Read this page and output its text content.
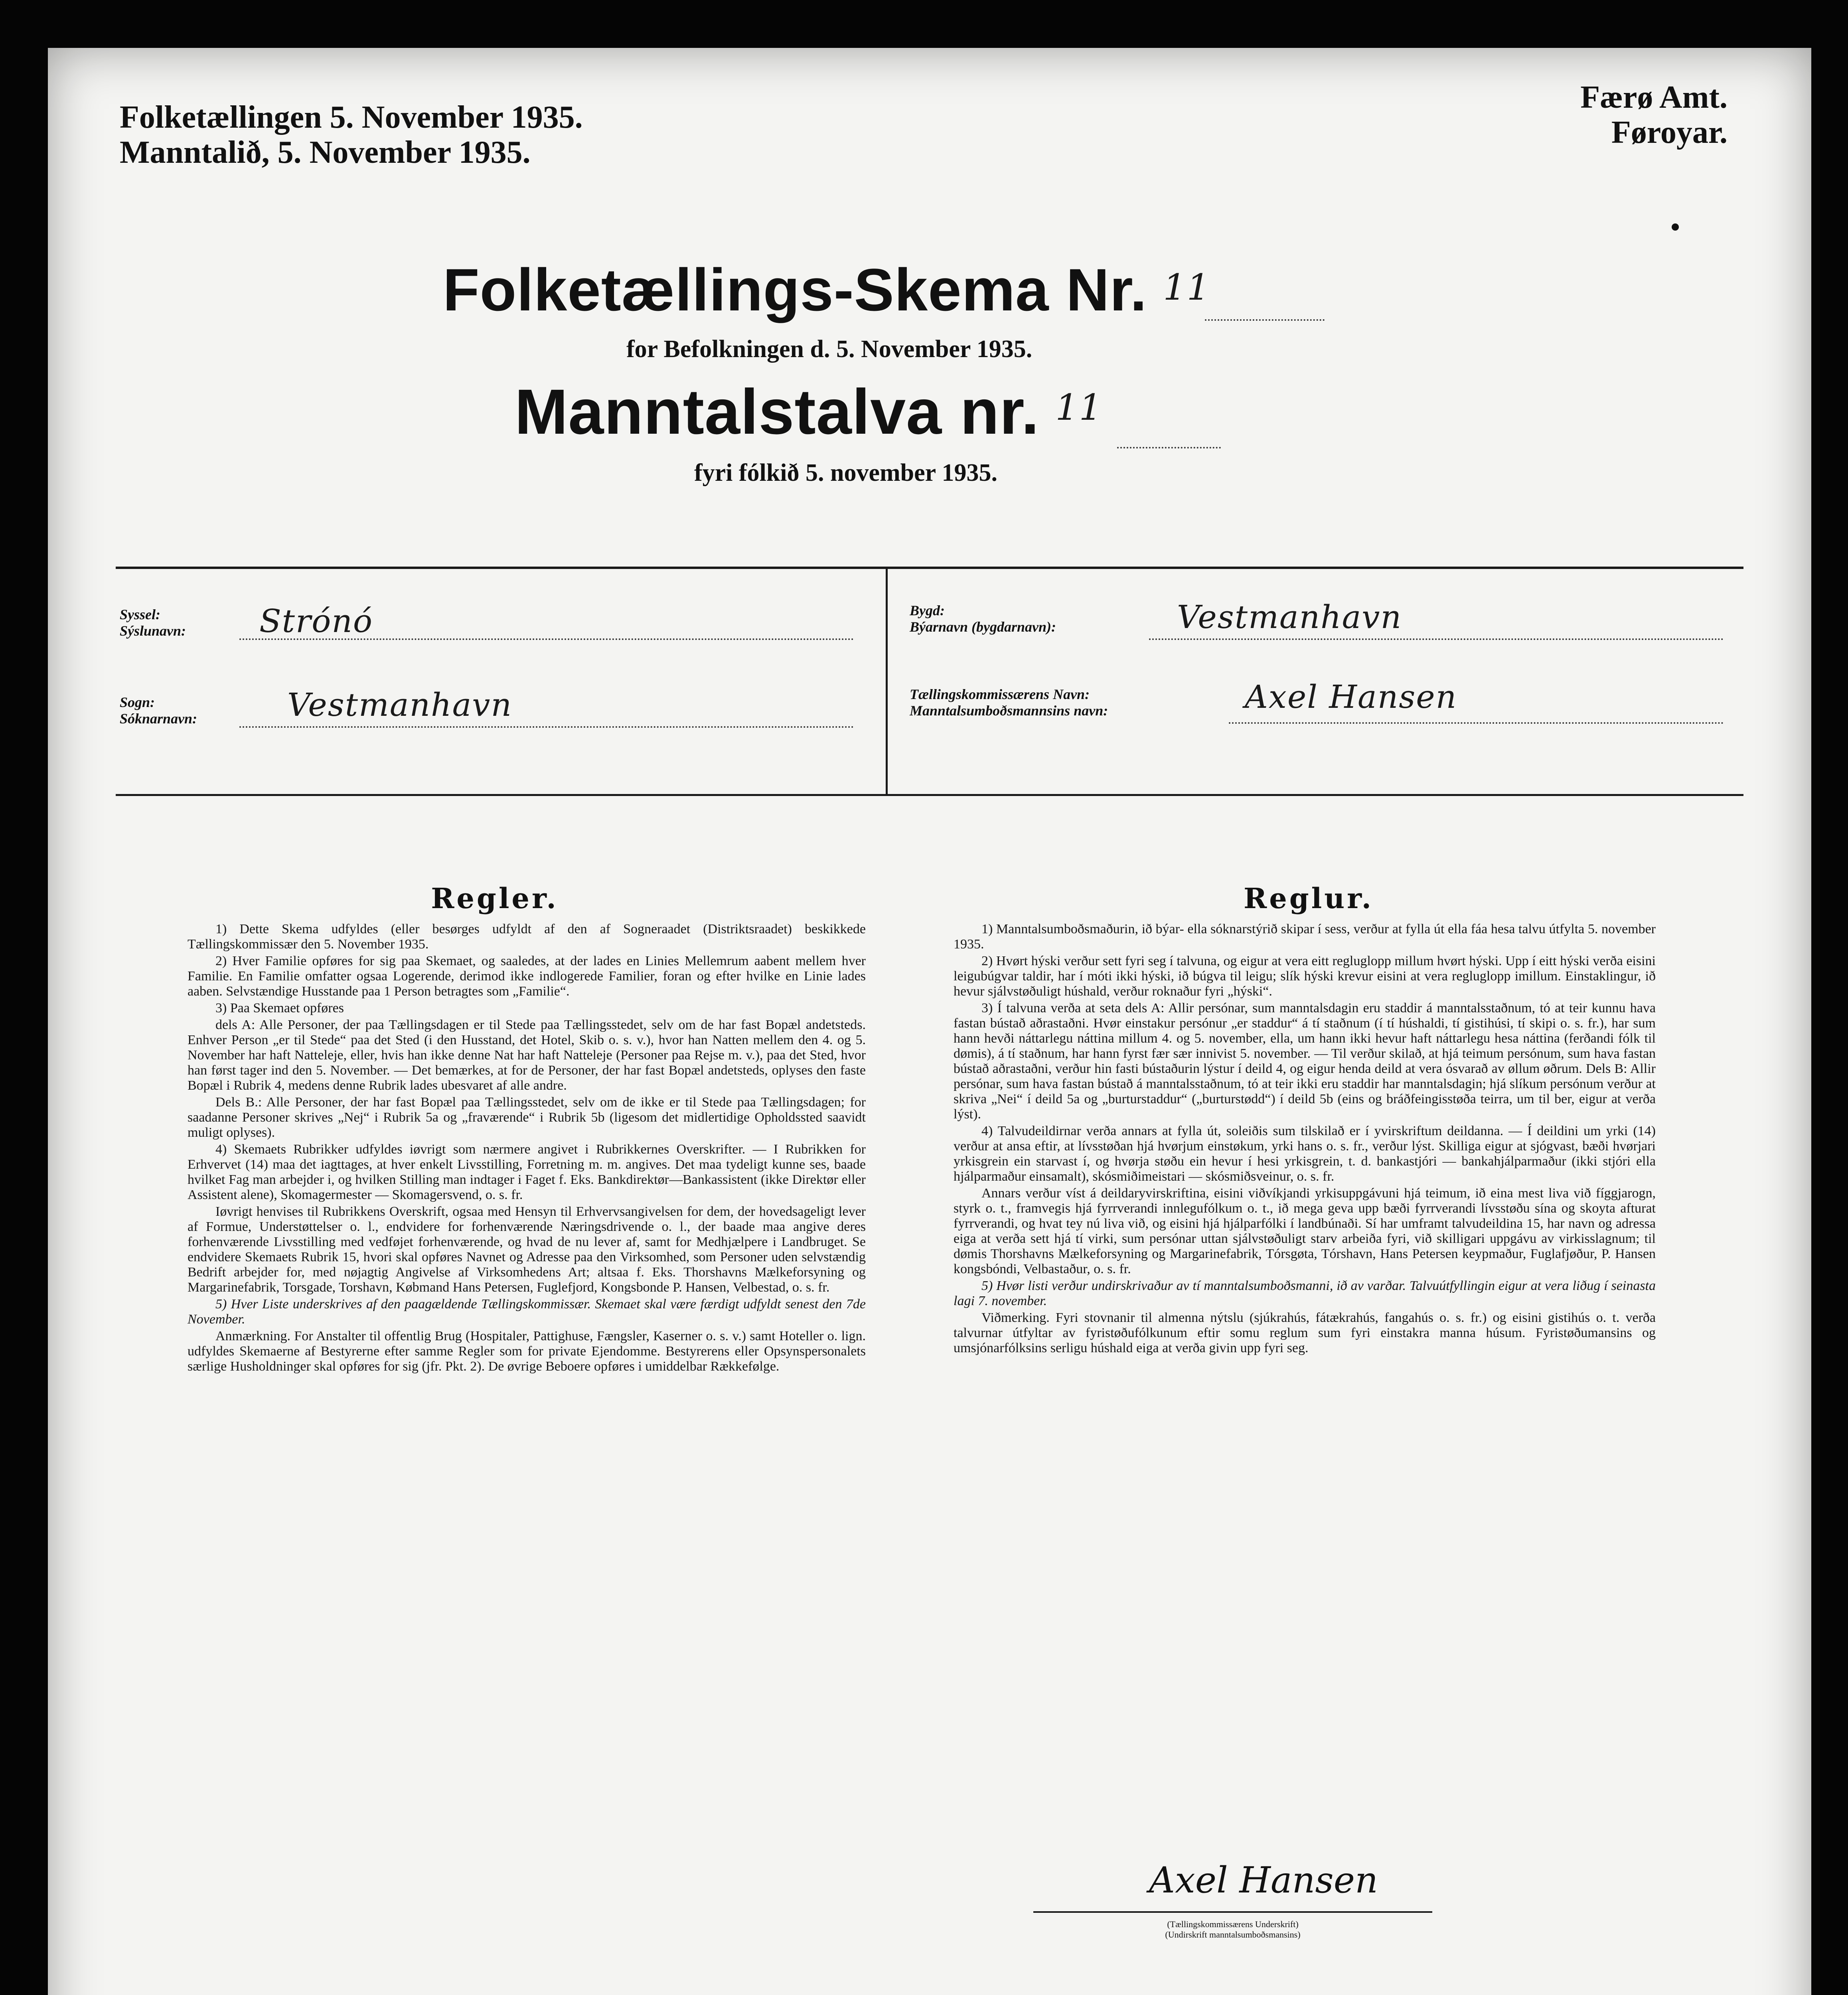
Folketællingen 5. November 1935.
Manntalið, 5. November 1935.
Færø Amt.
Føroyar.
Folketællings-Skema Nr. 11
for Befolkningen d. 5. November 1935.
Manntalstalva nr. 11
fyri fólkið 5. november 1935.
Syssel:
Sýslunavn: Strónó
Sogn:
Sóknarnavn:	Vestmanhavn
Bygd:
Býarnavn (bygdarnavn):	Vestmanhavn
Tællingskommissærens Navn:
Manntalsumboðsmannsins navn:	Axel Hansen
Regler.

1) Dette Skema udfyldes (eller besørges udfyldt af den af Sogneraadet (Distriktsraadet) beskikkede Tællingskommissær den 5. November 1935.

2) Hver Familie opføres for sig paa Skemaet, og saaledes, at der lades en Linies Mellemrum aabent mellem hver Familie. En Familie omfatter ogsaa Logerende, derimod ikke indlogerede Familier, foran og efter hvilke en Linie lades aaben. Selvstændige Husstande paa 1 Person betragtes som „Familie“.

3) Paa Skemaet opføres

dels A: Alle Personer, der paa Tællingsdagen er til Stede paa Tællingsstedet, selv om de har fast Bopæl andetsteds. Enhver Person „er til Stede“ paa det Sted (i den Husstand, det Hotel, Skib o. s. v.), hvor han Natten mellem den 4. og 5. November har haft Natteleje, eller, hvis han ikke denne Nat har haft Natteleje (Personer paa Rejse m. v.), paa det Sted, hvor han først tager ind den 5. November. — Det bemærkes, at for de Personer, der har fast Bopæl andetsteds, oplyses den faste Bopæl i Rubrik 4, medens denne Rubrik lades ubesvaret af alle andre.

Dels B.: Alle Personer, der har fast Bopæl paa Tællingsstedet, selv om de ikke er til Stede paa Tællingsdagen; for saadanne Personer skrives „Nej“ i Rubrik 5a og „fraværende“ i Rubrik 5b (ligesom det midlertidige Opholdssted saavidt muligt oplyses).

4) Skemaets Rubrikker udfyldes iøvrigt som nærmere angivet i Rubrikkernes Overskrifter. — I Rubrikken for Erhvervet (14) maa det iagttages, at hver enkelt Livsstilling, Forretning m. m. angives. Det maa tydeligt kunne ses, baade hvilket Fag man arbejder i, og hvilken Stilling man indtager i Faget f. Eks. Bankdirektør—Bankassistent (ikke Direktør eller Assistent alene), Skomagermester — Skomagersvend, o. s. fr.

Iøvrigt henvises til Rubrikkens Overskrift, ogsaa med Hensyn til Erhvervsangivelsen for dem, der hovedsageligt lever af Formue, Understøttelser o. l., endvidere for forhenværende Næringsdrivende o. l., der baade maa angive deres forhenværende Livsstilling med vedføjet forhenværende, og hvad de nu lever af, samt for Medhjælpere i Landbruget. Se endvidere Skemaets Rubrik 15, hvori skal opføres Navnet og Adresse paa den Virksomhed, som Personer uden selvstændig Bedrift arbejder for, med nøjagtig Angivelse af Virksomhedens Art; altsaa f. Eks. Thorshavns Mælkeforsyning og Margarinefabrik, Torsgade, Torshavn, Købmand Hans Petersen, Fuglefjord, Kongsbonde P. Hansen, Velbestad, o. s. fr.

5) Hver Liste underskrives af den paagældende Tællingskommissær. Skemaet skal være færdigt udfyldt senest den 7de November.

Anmærkning. For Anstalter til offentlig Brug (Hospitaler, Pattighuse, Fængsler, Kaserner o. s. v.) samt Hoteller o. lign. udfyldes Skemaerne af Bestyrerne efter samme Regler som for private Ejendomme. Bestyrerens eller Opsynspersonalets særlige Husholdninger skal opføres for sig (jfr. Pkt. 2). De øvrige Beboere opføres i umiddelbar Rækkefølge.

Reglur.

1) Manntalsumboðsmaðurin, ið býar- ella sóknarstýrið skipar í sess, verður at fylla út ella fáa hesa talvu útfylta 5. november 1935.

2) Hvørt hýski verður sett fyri seg í talvuna, og eigur at vera eitt regluglopp millum hvørt hýski. Upp í eitt hýski verða eisini leigubúgvar taldir, har í móti ikki hýski, ið búgva til leigu; slík hýski krevur eisini at vera regluglopp imillum. Einstaklingur, ið hevur sjálvstøðuligt húshald, verður roknaður fyri „hýski“.

3) Í talvuna verða at seta dels A: Allir persónar, sum manntalsdagin eru staddir á manntalsstaðnum, tó at teir kunnu hava fastan bústað aðrastaðni. Hvør einstakur persónur „er staddur“ á tí staðnum (í tí húshaldi, tí gistihúsi, tí skipi o. s. fr.), har sum hann hevði náttarlegu náttina millum 4. og 5. november, ella, um hann ikki hevur haft náttarlegu hesa náttina (ferðandi fólk til dømis), á tí staðnum, har hann fyrst fær sær innivist 5. november. — Til verður skilað, at hjá teimum persónum, sum hava fastan bústað aðrastaðni, verður hin fasti bústaðurin lýstur í deild 4, og eigur henda deild at vera ósvarað av øllum øðrum. Dels B: Allir persónar, sum hava fastan bústað á manntalsstaðnum, tó at teir ikki eru staddir har manntalsdagin; hjá slíkum persónum verður at skriva „Nei“ í deild 5a og „burturstaddur“ („burturstødd“) í deild 5b (eins og bráðfeingisstøða teirra, um til ber, eigur at verða lýst).

4) Talvudeildirnar verða annars at fylla út, soleiðis sum tilskilað er í yvirskriftum deildanna. — Í deildini um yrki (14) verður at ansa eftir, at lívsstøðan hjá hvørjum einstøkum, yrki hans o. s. fr., verður lýst. Skilliga eigur at sjógvast, bæði hvørjari yrkisgrein ein starvast í, og hvørja støðu ein hevur í hesi yrkisgrein, t. d. bankastjóri — bankahjálparmaður (ikki stjóri ella hjálparmaður einsamalt), skósmiðimeistari — skósmiðsveinur, o. s. fr.

Annars verður víst á deildaryvirskriftina, eisini viðvíkjandi yrkisuppgávuni hjá teimum, ið eina mest liva við fíggjarogn, styrk o. t., framvegis hjá fyrrverandi innlegufólkum o. t., ið mega geva upp bæði fyrrverandi lívsstøðu sína og skoyta afturat fyrrverandi, og hvat tey nú liva við, og eisini hjá hjálparfólki í landbúnaði. Sí har umframt talvudeildina 15, har navn og adressa eiga at verða sett hjá tí virki, sum persónar uttan sjálvstøðuligt starv arbeiða fyri, við skilligari uppgávu av virkisslagnum; til dømis Thorshavns Mælkeforsyning og Margarinefabrik, Tórsgøta, Tórshavn, Hans Petersen keypmaður, Fuglafjøður, P. Hansen kongsbóndi, Velbastaður, o. s. fr.

5) Hvør listi verður undirskrivaður av tí manntalsumboðsmanni, ið av varðar. Talvuútfyllingin eigur at vera liðug í seinasta lagi 7. november.

Viðmerking. Fyri stovnanir til almenna nýtslu (sjúkrahús, fátækrahús, fangahús o. s. fr.) og eisini gistihús o. t. verða talvurnar útfyltar av fyristøðufólkunum eftir somu reglum sum fyri einstakra manna húsum. Fyristøðumansins og umsjónarfólksins serligu húshald eiga at verða givin upp fyri seg.

Axel Hansen
(Tællingskommissærens Underskrift)
(Undirskrift manntalsumboðsmansins)
